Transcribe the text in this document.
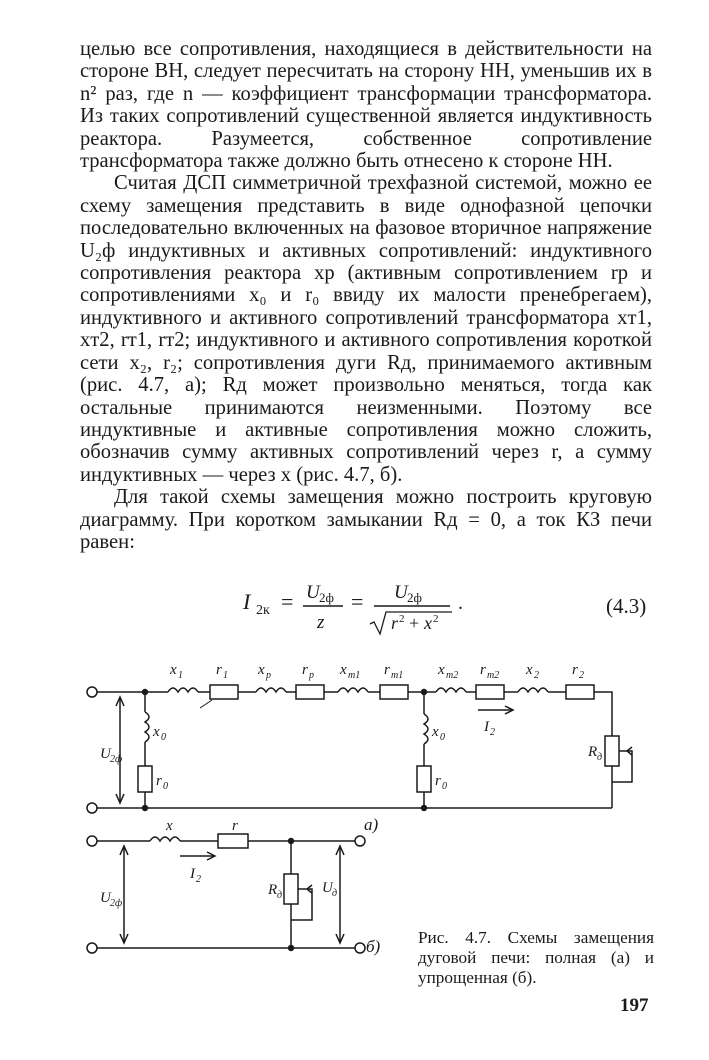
целью все сопротивления, находящиеся в действительности на стороне ВН, следует пересчитать на сторону НН, уменьшив их в n² раз, где n — коэффициент трансформации трансформатора. Из таких сопротивлений существенной является индуктивность реактора. Разумеется, собственное сопротивление трансформатора также должно быть отнесено к стороне НН.

Считая ДСП симметричной трехфазной системой, можно ее схему замещения представить в виде однофазной цепочки последовательно включенных на фазовое вторичное напряжение U₂ф индуктивных и активных сопротивлений: индуктивного сопротивления реактора xр (активным сопротивлением rр и сопротивлениями x₀ и r₀ ввиду их малости пренебрегаем), индуктивного и активного сопротивлений трансформатора xт1, xт2, rт1, rт2; индуктивного и активного сопротивления короткой сети x₂, r₂; сопротивления дуги Rд, принимаемого активным (рис. 4.7, а); Rд может произвольно меняться, тогда как остальные принимаются неизменными. Поэтому все индуктивные и активные сопротивления можно сложить, обозначив сумму активных сопротивлений через r, а сумму индуктивных — через x (рис. 4.7, б).

Для такой схемы замещения можно построить круговую диаграмму. При коротком замыкании Rд = 0, а ток КЗ печи равен:

I 2к = U 2ф
z
= U 2ф
r 2 + x 2
.	(4.3)
x 1 r 1 x р r р x т1 r т1 x т2 r т2 x 2 r 2
x 0
r 0
x 0
r 0
U 2ф
I 2
R д
а)
x	r
I 2
U 2ф
R д	U д
б) Рис. 4.7. Схемы замещения дуговой печи: полная (а) и упрощенная (б).
197
